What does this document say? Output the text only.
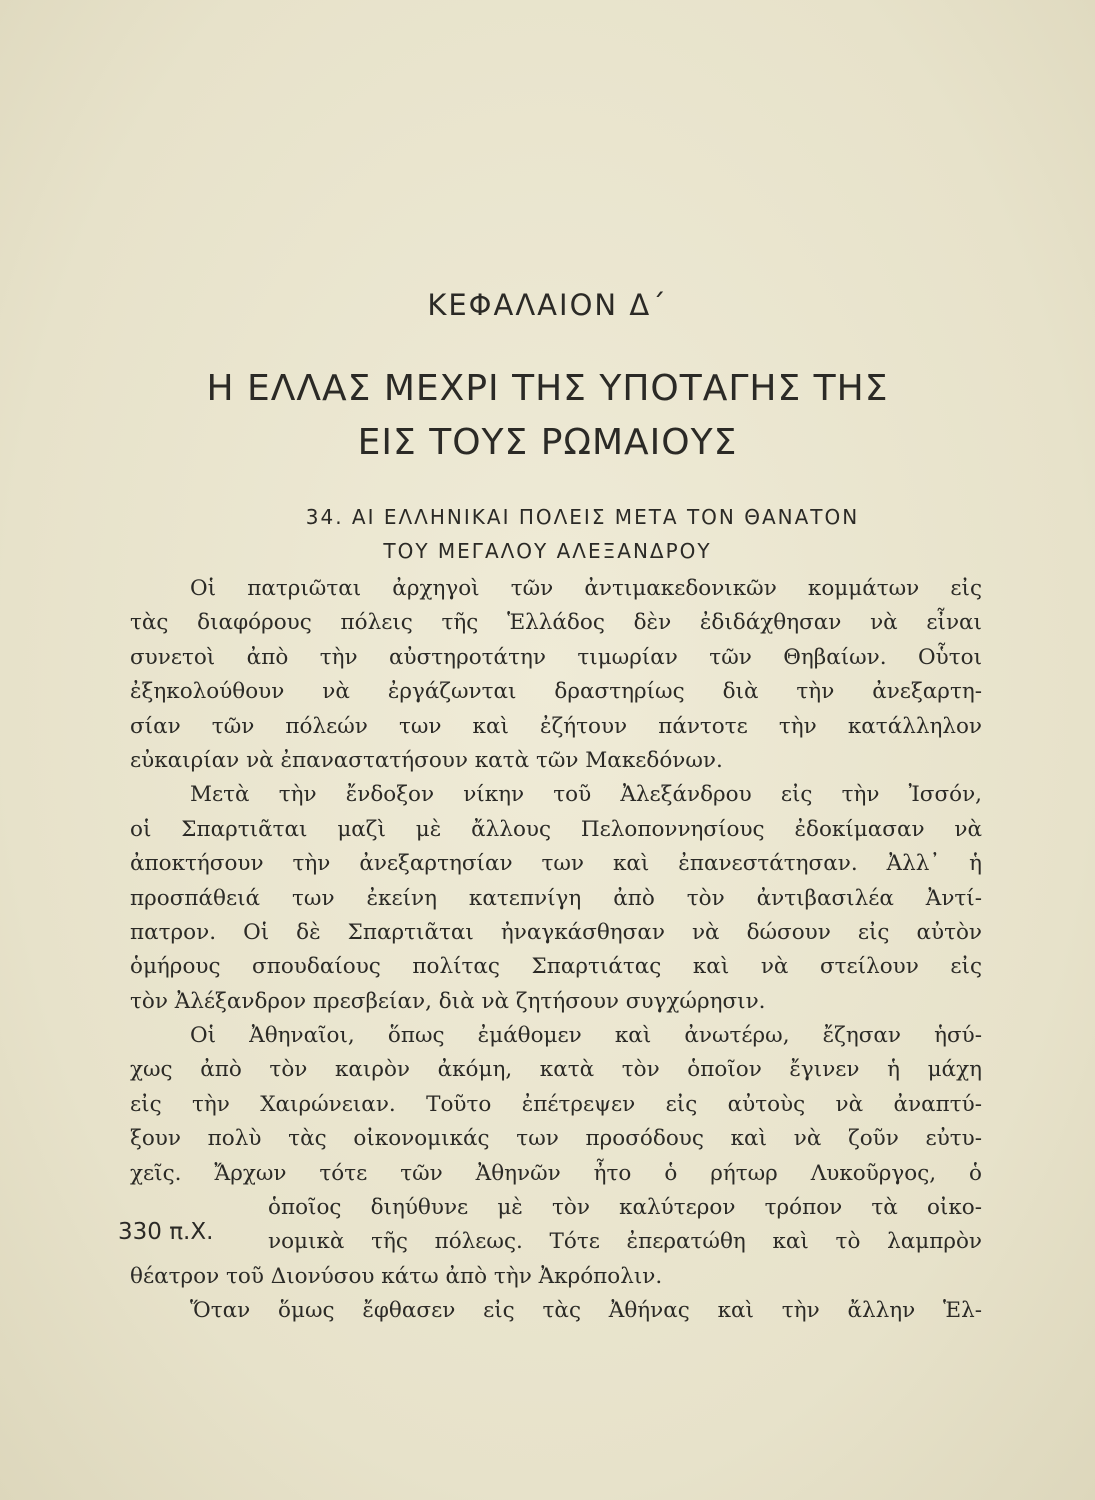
ΚΕΦΑΛΑΙΟΝ Δ΄
Η ΕΛΛΑΣ ΜΕΧΡΙ ΤΗΣ ΥΠΟΤΑΓΗΣ ΤΗΣ
ΕΙΣ ΤΟΥΣ ΡΩΜΑΙΟΥΣ
34. ΑΙ ΕΛΛΗΝΙΚΑΙ ΠΟΛΕΙΣ ΜΕΤΑ ΤΟΝ ΘΑΝΑΤΟΝ
ΤΟΥ ΜΕΓΑΛΟΥ ΑΛΕΞΑΝΔΡΟΥ
330 π.Χ.
Οἱ πατριῶται ἀρχηγοὶ τῶν ἀντιμακεδονικῶν κομμάτων εἰς
τὰς διαφόρους πόλεις τῆς Ἑλλάδος δὲν ἐδιδάχθησαν νὰ εἶναι
συνετοὶ ἀπὸ τὴν αὐστηροτάτην τιμωρίαν τῶν Θηβαίων. Οὗτοι
ἐξηκολούθουν νὰ ἐργάζωνται δραστηρίως διὰ τὴν ἀνεξαρτη-
σίαν τῶν πόλεών των καὶ ἐζήτουν πάντοτε τὴν κατάλληλον
εὐκαιρίαν νὰ ἐπαναστατήσουν κατὰ τῶν Μακεδόνων.
Μετὰ τὴν ἔνδοξον νίκην τοῦ Ἀλεξάνδρου εἰς τὴν Ἰσσόν,
οἱ Σπαρτιᾶται μαζὶ μὲ ἄλλους Πελοποννησίους ἐδοκίμασαν νὰ
ἀποκτήσουν τὴν ἀνεξαρτησίαν των καὶ ἐπανεστάτησαν. Ἀλλ᾽ ἡ
προσπάθειά των ἐκείνη κατεπνίγη ἀπὸ τὸν ἀντιβασιλέα Ἀντί-
πατρον. Οἱ δὲ Σπαρτιᾶται ἠναγκάσθησαν νὰ δώσουν εἰς αὐτὸν
ὁμήρους σπουδαίους πολίτας Σπαρτιάτας καὶ νὰ στείλουν εἰς
τὸν Ἀλέξανδρον πρεσβείαν, διὰ νὰ ζητήσουν συγχώρησιν.
Οἱ Ἀθηναῖοι, ὅπως ἐμάθομεν καὶ ἀνωτέρω, ἔζησαν ἡσύ-
χως ἀπὸ τὸν καιρὸν ἀκόμη, κατὰ τὸν ὁποῖον ἔγινεν ἡ μάχη
εἰς τὴν Χαιρώνειαν. Τοῦτο ἐπέτρεψεν εἰς αὐτοὺς νὰ ἀναπτύ-
ξουν πολὺ τὰς οἰκονομικάς των προσόδους καὶ νὰ ζοῦν εὐτυ-
χεῖς. Ἄρχων τότε τῶν Ἀθηνῶν ἦτο ὁ ρήτωρ Λυκοῦργος, ὁ
ὁποῖος διηύθυνε μὲ τὸν καλύτερον τρόπον τὰ οἰκο-
νομικὰ τῆς πόλεως. Τότε ἐπερατώθη καὶ τὸ λαμπρὸν
θέατρον τοῦ Διονύσου κάτω ἀπὸ τὴν Ἀκρόπολιν.
Ὅταν ὅμως ἔφθασεν εἰς τὰς Ἀθήνας καὶ τὴν ἄλλην Ἑλ-
